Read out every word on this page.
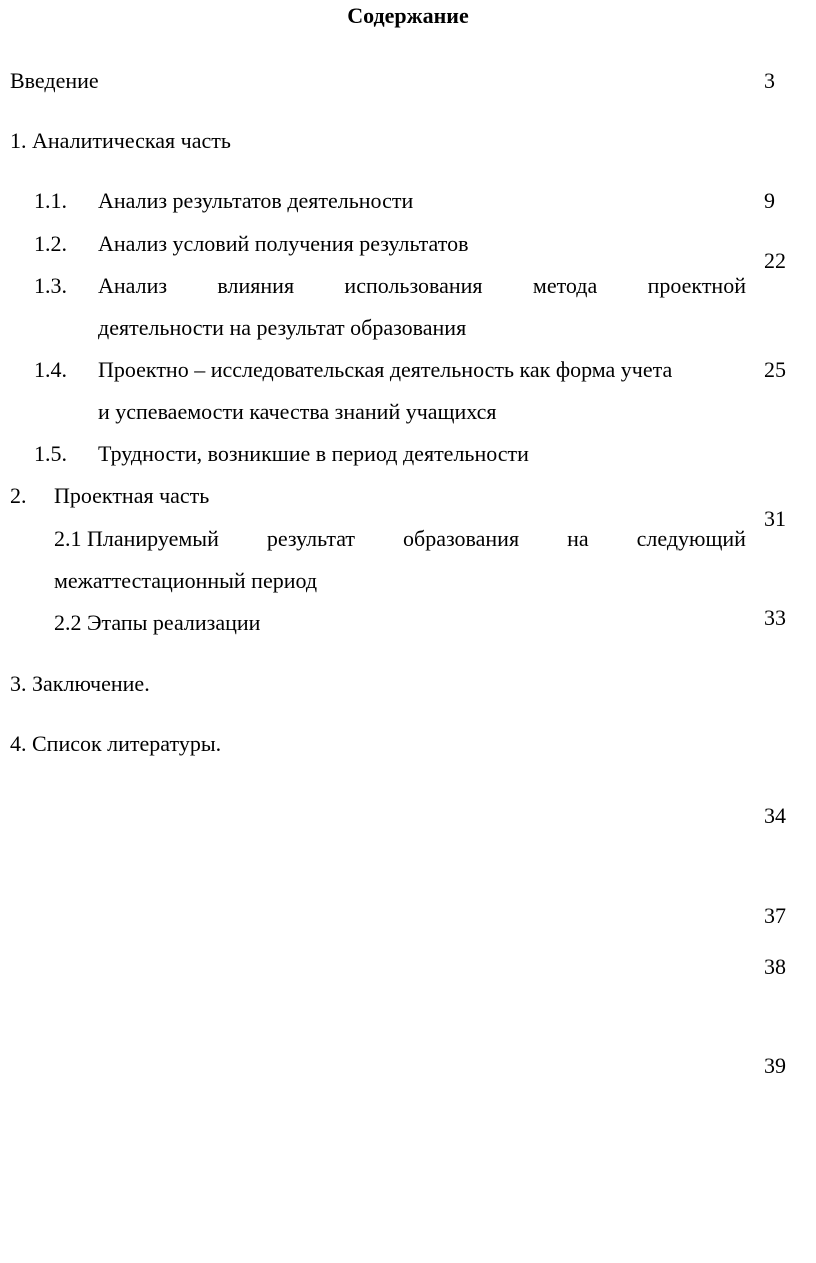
Содержание
Введение
1. Аналитическая часть
1.1. Анализ результатов деятельности
1.2. Анализ условий получения результатов
1.3. Анализ влияния использования метода проектной
деятельности на результат образования
1.4. Проектно – исследовательская деятельность как форма учета
и успеваемости качества знаний учащихся
1.5. Трудности, возникшие в период деятельности
2. Проектная часть
2.1 Планируемый результат образования на следующий
межаттестационный период
2.2 Этапы реализации
3. Заключение.
4. Список литературы.
3
9
22
25
31
33
34
37
38
39
